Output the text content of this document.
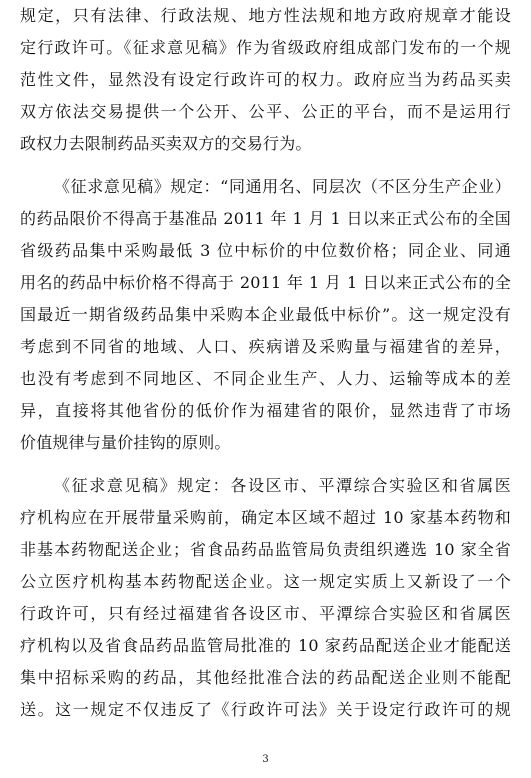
规定，只有法律、行政法规、地方性法规和地方政府规章才能设
定行政许可。《征求意见稿》作为省级政府组成部门发布的一个规
范性文件，显然没有设定行政许可的权力。政府应当为药品买卖
双方依法交易提供一个公开、公平、公正的平台，而不是运用行
政权力去限制药品买卖双方的交易行为。
《征求意见稿》规定：“同通用名、同层次（不区分生产企业）
的药品限价不得高于基准品 2011 年 1 月 1 日以来正式公布的全国
省级药品集中采购最低 3 位中标价的中位数价格；同企业、同通
用名的药品中标价格不得高于 2011 年 1 月 1 日以来正式公布的全
国最近一期省级药品集中采购本企业最低中标价”。这一规定没有
考虑到不同省的地域、人口、疾病谱及采购量与福建省的差异，
也没有考虑到不同地区、不同企业生产、人力、运输等成本的差
异，直接将其他省份的低价作为福建省的限价，显然违背了市场
价值规律与量价挂钩的原则。
《征求意见稿》规定：各设区市、平潭综合实验区和省属医
疗机构应在开展带量采购前，确定本区域不超过 10 家基本药物和
非基本药物配送企业；省食品药品监管局负责组织遴选 10 家全省
公立医疗机构基本药物配送企业。这一规定实质上又新设了一个
行政许可，只有经过福建省各设区市、平潭综合实验区和省属医
疗机构以及省食品药品监管局批准的 10 家药品配送企业才能配送
集中招标采购的药品，其他经批准合法的药品配送企业则不能配
送。这一规定不仅违反了《行政许可法》关于设定行政许可的规
3
